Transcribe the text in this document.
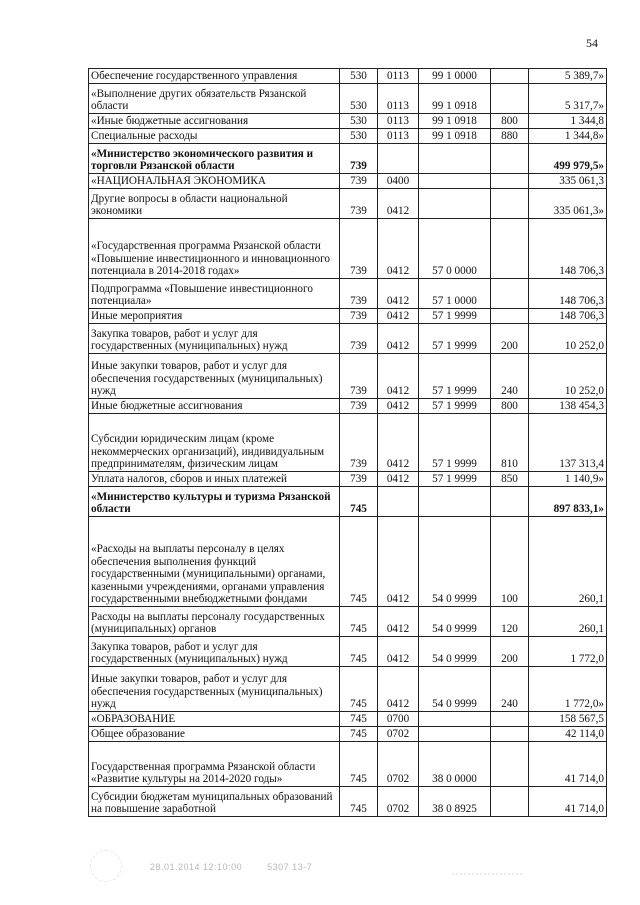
54
Обеспечение государственного управления	530	0113	99 1 0000		5 389,7»
«Выполнение других обязательств Рязанской области	530	0113	99 1 0918		5 317,7»
«Иные бюджетные ассигнования	530	0113	99 1 0918	800	1 344,8
Специальные расходы	530	0113	99 1 0918	880	1 344,8»
«Министерство экономического развития и торговли Рязанской области	739				499 979,5»
«НАЦИОНАЛЬНАЯ ЭКОНОМИКА	739	0400			335 061,3
Другие вопросы в области национальной экономики	739	0412			335 061,3»
«Государственная программа Рязанской области «Повышение инвестиционного и инновационного потенциала в 2014-2018 годах»	739	0412	57 0 0000		148 706,3
Подпрограмма «Повышение инвестиционного потенциала»	739	0412	57 1 0000		148 706,3
Иные мероприятия	739	0412	57 1 9999		148 706,3
Закупка товаров, работ и услуг для государственных (муниципальных) нужд	739	0412	57 1 9999	200	10 252,0
Иные закупки товаров, работ и услуг для обеспечения государственных (муниципальных) нужд	739	0412	57 1 9999	240	10 252,0
Иные бюджетные ассигнования	739	0412	57 1 9999	800	138 454,3
Субсидии юридическим лицам (кроме некоммерческих организаций), индивидуальным предпринимателям, физическим лицам	739	0412	57 1 9999	810	137 313,4
Уплата налогов, сборов и иных платежей	739	0412	57 1 9999	850	1 140,9»
«Министерство культуры и туризма Рязанской области	745				897 833,1»
«Расходы на выплаты персоналу в целях обеспечения выполнения функций государственными (муниципальными) органами, казенными учреждениями, органами управления государственными внебюджетными фондами	745	0412	54 0 9999	100	260,1
Расходы на выплаты персоналу государственных (муниципальных) органов	745	0412	54 0 9999	120	260,1
Закупка товаров, работ и услуг для государственных (муниципальных) нужд	745	0412	54 0 9999	200	1 772,0
Иные закупки товаров, работ и услуг для обеспечения государственных (муниципальных) нужд	745	0412	54 0 9999	240	1 772,0»
«ОБРАЗОВАНИЕ	745	0700			158 567,5
Общее образование	745	0702			42 114,0
Государственная программа Рязанской области «Развитие культуры на 2014-2020 годы»	745	0702	38 0 0000		41 714,0
Субсидии бюджетам муниципальных образований на повышение заработной	745	0702	38 0 8925		41 714,0
28.01.2014 12:10:00	5307 13-7
